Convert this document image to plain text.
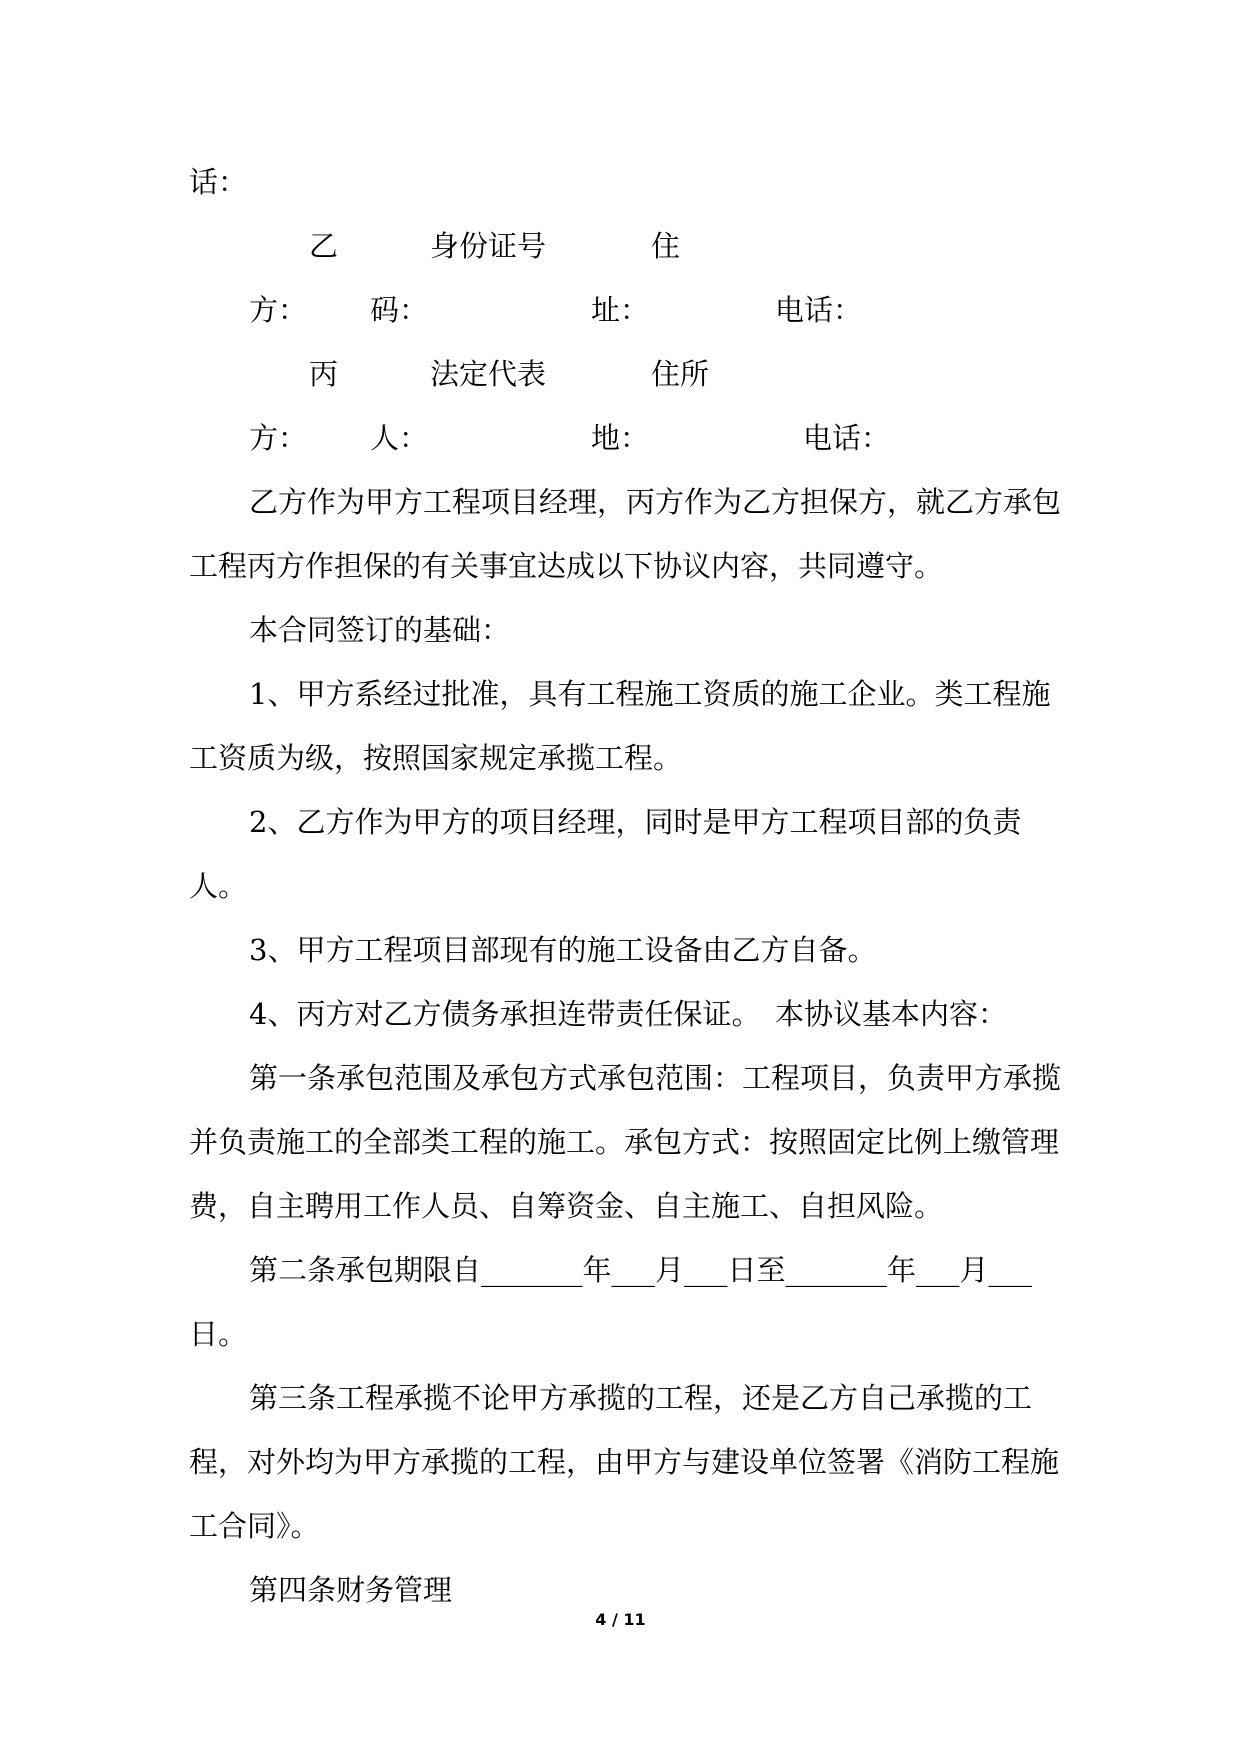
话：

乙方：身份证号码：住址：	电话：

丙方：法定代表人：住所地：	电话：

乙方作为甲方工程项目经理，丙方作为乙方担保方，就乙方承包工程丙方作担保的有关事宜达成以下协议内容，共同遵守。

本合同签订的基础：

1、甲方系经过批准，具有工程施工资质的施工企业。类工程施工资质为级，按照国家规定承揽工程。

2、乙方作为甲方的项目经理，同时是甲方工程项目部的负责人。

3、甲方工程项目部现有的施工设备由乙方自备。

4、丙方对乙方债务承担连带责任保证。　本协议基本内容：

第一条承包范围及承包方式承包范围：工程项目，负责甲方承揽并负责施工的全部类工程的施工。承包方式：按照固定比例上缴管理费，自主聘用工作人员、自筹资金、自主施工、自担风险。

第二条承包期限自_______年___月___日至_______年___月___日。

第三条工程承揽不论甲方承揽的工程，还是乙方自己承揽的工程，对外均为甲方承揽的工程，由甲方与建设单位签署《消防工程施工合同》。

第四条财务管理

4 / 11
